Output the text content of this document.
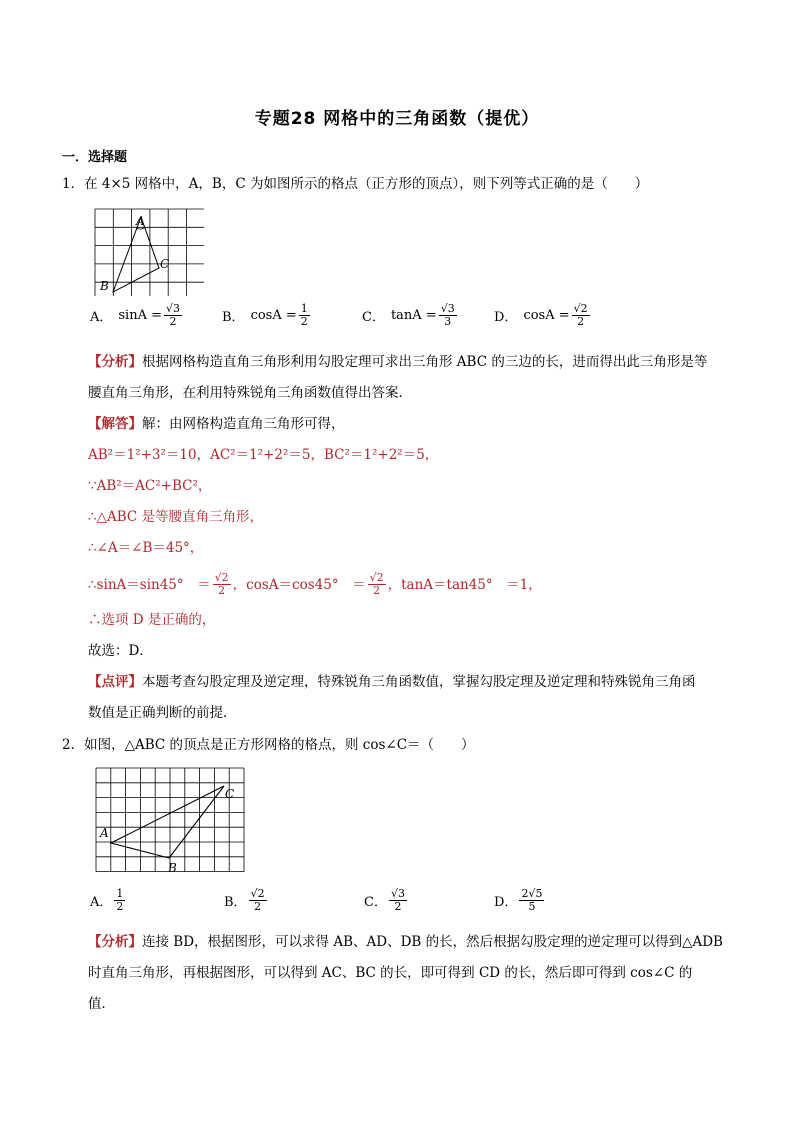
专题28 网格中的三角函数（提优）
一．选择题
1．在 4×5 网格中，A，B，C 为如图所示的格点（正方形的顶点），则下列等式正确的是（　　）
A
B
C
A． $\sin A = \frac{√3}{2}$	B． $\cos A = \frac{1}{2}$	C． $\tan A = \frac{√3}{3}$	D． $\cos A = \frac{√2}{2}$
【分析】根据网格构造直角三角形利用勾股定理可求出三角形 ABC 的三边的长，进而得出此三角形是等
腰直角三角形，在利用特殊锐角三角函数值得出答案．
【解答】解：由网格构造直角三角形可得，
AB²＝1²+3²＝10，AC²＝1²+2²＝5，BC²＝1²+2²＝5，
∵AB²＝AC²+BC²，
∴△ABC 是等腰直角三角形，
∴∠A＝∠B＝45°，
∴sinA＝sin45°　＝ $\frac{√2}{2}$ ，cosA＝cos45°　＝ $\frac{√2}{2}$ ，tanA＝tan45°　＝1，
∴选项 D 是正确的，
故选：D．
【点评】本题考查勾股定理及逆定理，特殊锐角三角函数值，掌握勾股定理及逆定理和特殊锐角三角函
数值是正确判断的前提．
2．如图，△ABC 的顶点是正方形网格的格点，则 cos∠C＝（　　）
A
B
C
A． $\frac{1}{2}$	B． $\frac{√2}{2}$	C． $\frac{√3}{2}$	D． $\frac{2√5}{5}$
【分析】连接 BD，根据图形，可以求得 AB、AD、DB 的长，然后根据勾股定理的逆定理可以得到△ADB
时直角三角形，再根据图形，可以得到 AC、BC 的长，即可得到 CD 的长，然后即可得到 cos∠C 的
值．
